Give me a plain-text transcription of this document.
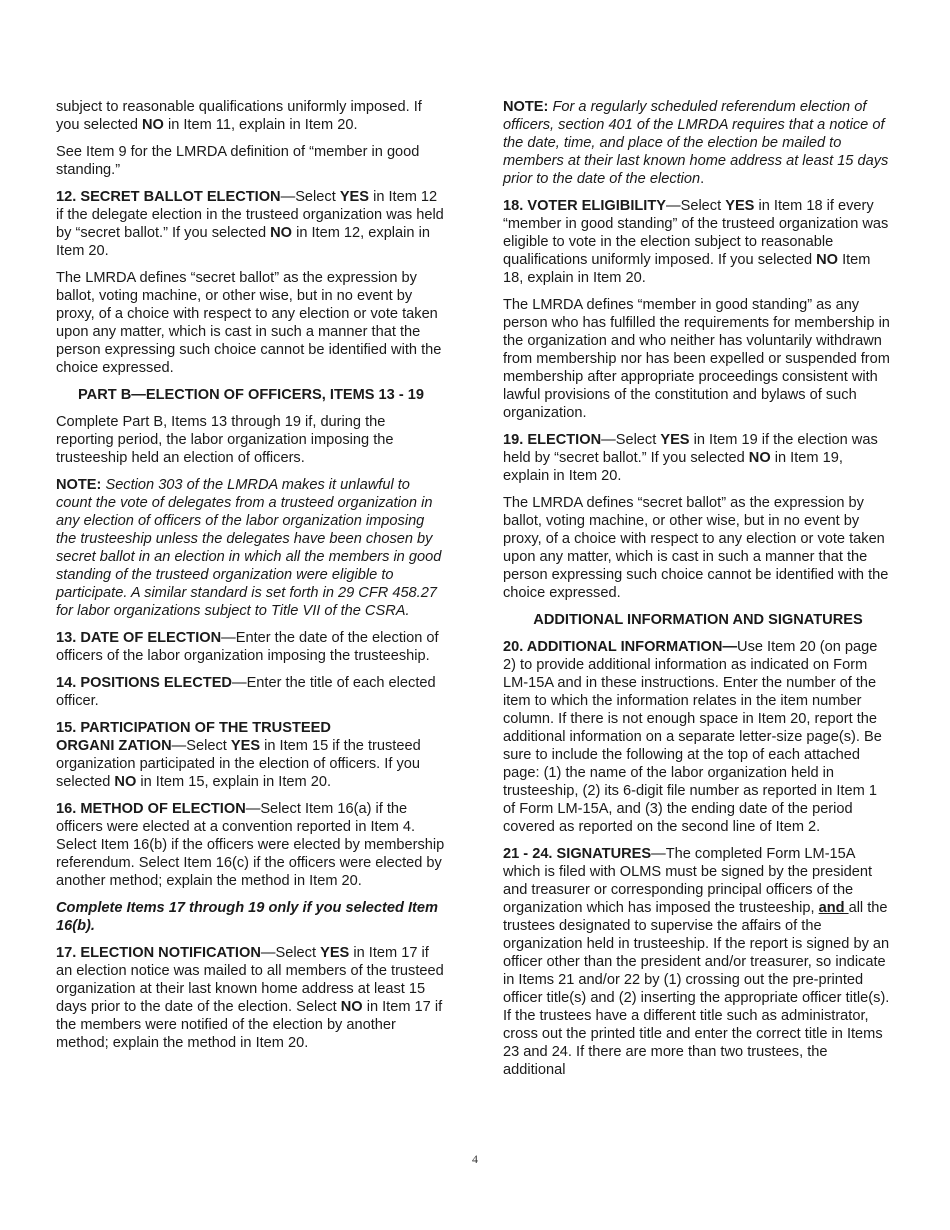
subject to reasonable qualifications uniformly imposed. If you selected NO in Item 11, explain in Item 20.

See Item 9 for the LMRDA definition of “member in good standing.”

12. SECRET BALLOT ELECTION—Select YES in Item 12 if the delegate election in the trusteed organization was held by “secret ballot.” If you selected NO in Item 12, explain in Item 20.

The LMRDA defines “secret ballot” as the expression by ballot, voting machine, or other wise, but in no event by proxy, of a choice with respect to any election or vote taken upon any matter, which is cast in such a manner that the person expressing such choice cannot be identified with the choice expressed.

PART B—ELECTION OF OFFICERS, ITEMS 13 - 19

Complete Part B, Items 13 through 19 if, during the reporting period, the labor organization imposing the trusteeship held an election of officers.

NOTE: Section 303 of the LMRDA makes it unlawful to count the vote of delegates from a trusteed organization in any election of officers of the labor organization imposing the trusteeship unless the delegates have been chosen by secret ballot in an election in which all the members in good standing of the trusteed organization were eligible to participate. A similar standard is set forth in 29 CFR 458.27 for labor organizations subject to Title VII of the CSRA.

13. DATE OF ELECTION—Enter the date of the election of officers of the labor organization imposing the trusteeship.

14. POSITIONS ELECTED—Enter the title of each elected officer.

15. PARTICIPATION OF THE TRUSTEED
ORGANI ZATION—Select YES in Item 15 if the trusteed organization participated in the election of officers. If you selected NO in Item 15, explain in Item 20.

16. METHOD OF ELECTION—Select Item 16(a) if the officers were elected at a convention reported in Item 4. Select Item 16(b) if the officers were elected by membership referendum. Select Item 16(c) if the officers were elected by another method; explain the method in Item 20.

Complete Items 17 through 19 only if you selected Item 16(b).

17. ELECTION NOTIFICATION—Select YES in Item 17 if an election notice was mailed to all members of the trusteed organization at their last known home address at least 15 days prior to the date of the election. Select NO in Item 17 if the members were notified of the election by another method; explain the method in Item 20.

NOTE: For a regularly scheduled referendum election of officers, section 401 of the LMRDA requires that a notice of the date, time, and place of the election be mailed to members at their last known home address at least 15 days prior to the date of the election.

18. VOTER ELIGIBILITY—Select YES in Item 18 if every “member in good standing” of the trusteed organization was eligible to vote in the election subject to reasonable qualifications uniformly imposed. If you selected NO Item 18, explain in Item 20.

The LMRDA defines “member in good standing” as any person who has fulfilled the requirements for membership in the organization and who neither has voluntarily withdrawn from membership nor has been expelled or suspended from membership after appropriate proceedings consistent with lawful provisions of the constitution and bylaws of such organization.

19. ELECTION—Select YES in Item 19 if the election was held by “secret ballot.” If you selected NO in Item 19, explain in Item 20.

The LMRDA defines “secret ballot” as the expression by ballot, voting machine, or other wise, but in no event by proxy, of a choice with respect to any election or vote taken upon any matter, which is cast in such a manner that the person expressing such choice cannot be identified with the choice expressed.

ADDITIONAL INFORMATION AND SIGNATURES

20. ADDITIONAL INFORMATION—Use Item 20 (on page 2) to provide additional information as indicated on Form LM-15A and in these instructions. Enter the number of the item to which the information relates in the item number column. If there is not enough space in Item 20, report the additional information on a separate letter-size page(s). Be sure to include the following at the top of each attached page: (1) the name of the labor organization held in trusteeship, (2) its 6-digit file number as reported in Item 1 of Form LM-15A, and (3) the ending date of the period covered as reported on the second line of Item 2.

21 - 24. SIGNATURES—The completed Form LM-15A which is filed with OLMS must be signed by the president and treasurer or corresponding principal officers of the organization which has imposed the trusteeship, and all the trustees designated to supervise the affairs of the organization held in trusteeship. If the report is signed by an officer other than the president and/or treasurer, so indicate in Items 21 and/or 22 by (1) crossing out the pre-printed officer title(s) and (2) inserting the appropriate officer title(s). If the trustees have a different title such as administrator, cross out the printed title and enter the correct title in Items 23 and 24. If there are more than two trustees, the additional

4
